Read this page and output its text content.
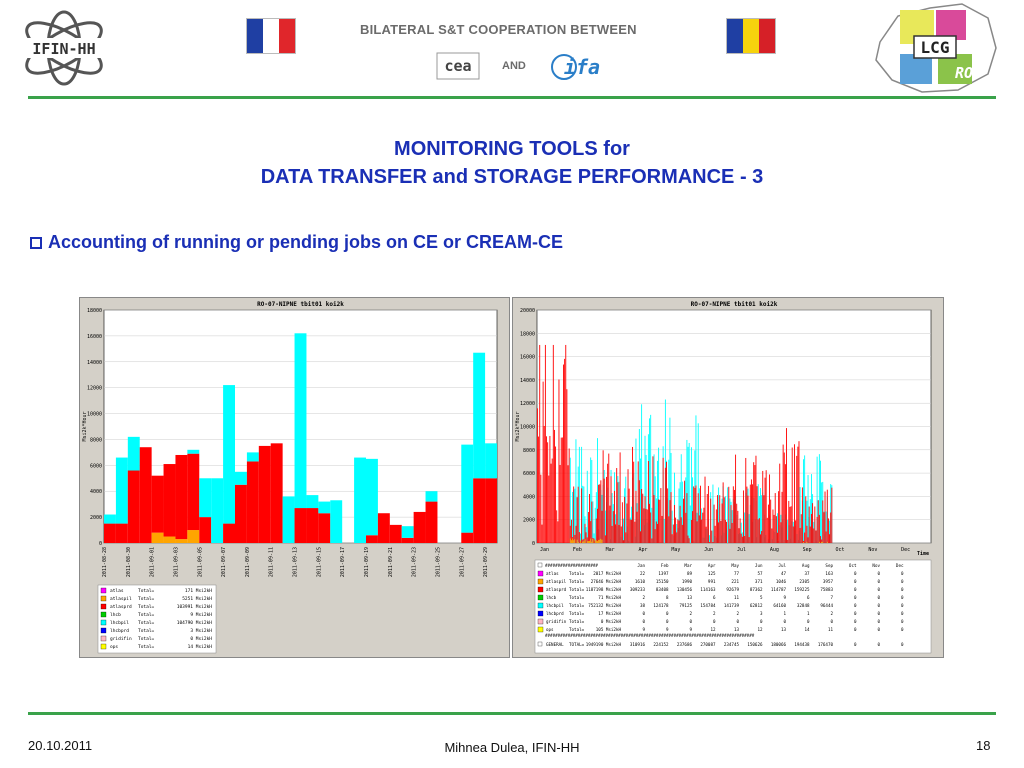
IFIN-HH
BILATERAL S&T COOPERATION BETWEEN
cea	AND ifa
LCG
RO
MONITORING TOOLS for
DATA TRANSFER and STORAGE PERFORMANCE - 3
Accounting of running or pending jobs on CE or CREAM-CE
RO-07-NIPNE tbit01 koi2k
0
2000
4000
6000
8000
10000
12000
14000
16000
18000
Msi2k*Hour
2011-08-28	2011-08-30	2011-09-01	2011-09-03	2011-09-05	2011-09-07	2011-09-09	2011-09-11	2011-09-13	2011-09-15	2011-09-17	2011-09-19	2011-09-21	2011-09-23	2011-09-25	2011-09-27	2011-09-29
atlas	Total=	171 Msi2kH
atlaspil Total=	5251 Msi2kH
atlasprd Total=	103991 Msi2kH
lhcb	Total=	9 Msi2kH
lhcbpil Total=	104790 Msi2kH
lhcbprd Total=	3 Msi2kH
gridifin Total=	0 Msi2kH
ops	Total=	14 Msi2kH
RO-07-NIPNE tbit01 koi2k
0
2000
4000
6000
8000
10000
12000
14000
16000
18000
20000
Msi2k*Hour
Jan	Feb	Mar	Apr	May	Jun	Jul	Aug	Sep	Oct	Nov	Dec
Time
#####################	Jan	Feb	Mar	Apr	May	Jun	Jul	Aug	Sep	Oct	Nov	Dec
atlas Total= 2017 Msi2kH	22	1397	89	125	77	57	47	37	163	0	0	0
atlaspil Total= 27646 Msi2kH	1610	15150	1990	991	221	371	1046	2305	3957	0	0	0
atlasprd Total= 1187198 Msi2kH 309233	83408 130456 114163	92679	87362 114787 159225	75883	0	0	0
lhcb	Total=	71 Msi2kH	2	8	13	6	11	5	9	6	7	0	0	0
lhcbpil Total= 752132 Msi2kH	38 124178	79125 154784 141739	62812	64160	32848	96444	0	0	0
lhcbprd Total=	17 Msi2kH	0	0	2	2	2	3	1	1	2	0	0	0
gridifin Total=	0 Msi2kH	0	0	0	0	0	0	0	0	0	0	0	0
ops	Total=	105 Msi2kH	9	9	9	12	13	12	13	14	11	0	0	0
###################################################################################
GENERAL TOTAL= 1949190 Msi2kH 310916 224152 237686 270087 234745 150626 180066 194438 176470	0	0	0
20.10.2011	Mihnea Dulea, IFIN-HH	18
